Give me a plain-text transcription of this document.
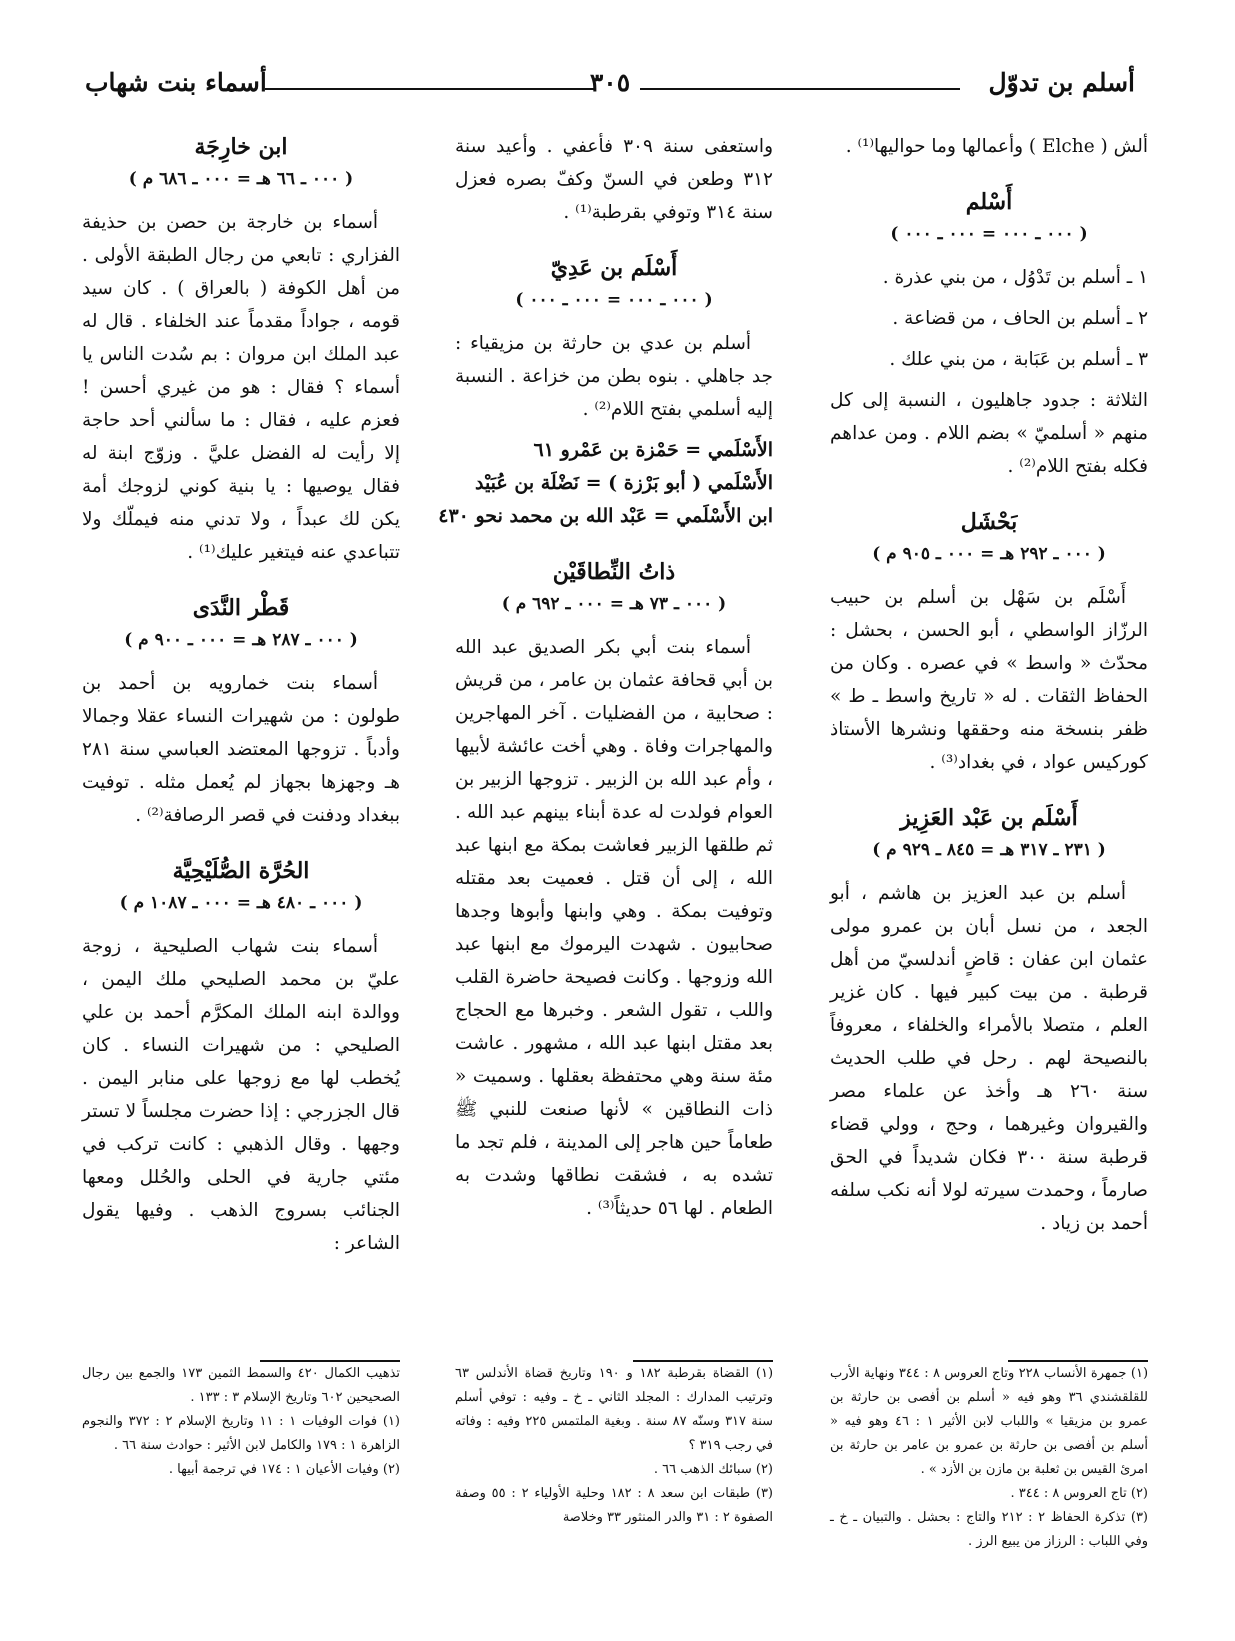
أسلم بن تدوّل
٣٠٥
أسماء بنت شهاب

ألش ( Elche ) وأعمالها وما حواليها⁽¹⁾ .

أَسْلم
( ٠٠٠ ـ ٠٠٠ = ٠٠٠ ـ ٠٠٠ )

١ ـ أسلم بن تَدْوُل ، من بني عذرة .

٢ ـ أسلم بن الحاف ، من قضاعة .

٣ ـ أسلم بن عَبَابة ، من بني علك .

الثلاثة : جدود جاهليون ، النسبة إلى كل منهم « أسلميّ » بضم اللام . ومن عداهم فكله بفتح اللام⁽²⁾ .

بَحْشَل
( ٠٠٠ ـ ٢٩٢ هـ = ٠٠٠ ـ ٩٠٥ م )

أَسْلَم بن سَهْل بن أسلم بن حبيب الرزّاز الواسطي ، أبو الحسن ، بحشل : محدّث « واسط » في عصره . وكان من الحفاظ الثقات . له « تاريخ واسط ـ ط » ظفر بنسخة منه وحققها ونشرها الأستاذ كوركيس عواد ، في بغداد⁽³⁾ .

أَسْلَم بن عَبْد العَزِيز
( ٢٣١ ـ ٣١٧ هـ = ٨٤٥ ـ ٩٢٩ م )

أسلم بن عبد العزيز بن هاشم ، أبو الجعد ، من نسل أبان بن عمرو مولى عثمان ابن عفان : قاضٍ أندلسيّ من أهل قرطبة . من بيت كبير فيها . كان غزير العلم ، متصلا بالأمراء والخلفاء ، معروفاً بالنصيحة لهم . رحل في طلب الحديث سنة ٢٦٠ هـ وأخذ عن علماء مصر والقيروان وغيرهما ، وحج ، وولي قضاء قرطبة سنة ٣٠٠ فكان شديداً في الحق صارماً ، وحمدت سيرته لولا أنه نكب سلفه أحمد بن زياد .

(١) جمهرة الأنساب ٢٢٨ وتاج العروس ٨ : ٣٤٤ ونهاية الأرب للقلقشندي ٣٦ وهو فيه « أسلم بن أفصى بن حارثة بن عمرو بن مزيقيا » واللباب لابن الأثير ١ : ٤٦ وهو فيه « أسلم بن أفصى بن حارثة بن عمرو بن عامر بن حارثة بن امرئ القيس بن ثعلبة بن مازن بن الأزد » .
(٢) تاج العروس ٨ : ٣٤٤ .
(٣) تذكرة الحفاظ ٢ : ٢١٢ والتاج : بحشل . والتبيان ـ خ ـ وفي اللباب : الرزاز من يبيع الرز .

واستعفى سنة ٣٠٩ فأعفي . وأعيد سنة ٣١٢ وطعن في السنّ وكفّ بصره فعزل سنة ٣١٤ وتوفي بقرطبة⁽¹⁾ .

أَسْلَم بن عَدِيّ
( ٠٠٠ ـ ٠٠٠ = ٠٠٠ ـ ٠٠٠ )

أسلم بن عدي بن حارثة بن مزيقياء : جد جاهلي . بنوه بطن من خزاعة . النسبة إليه أسلمي بفتح اللام⁽²⁾ .

الأَسْلَمي = حَمْزة بن عَمْرو ٦١
الأَسْلَمي ( أبو بَرْزة ) = نَضْلَة بن عُبَيْد
ابن الأَسْلَمي = عَبْد الله بن محمد نحو ٤٣٠
ذاتُ النِّطاقَيْن
( ٠٠٠ ـ ٧٣ هـ = ٠٠٠ ـ ٦٩٢ م )

أسماء بنت أبي بكر الصديق عبد الله بن أبي قحافة عثمان بن عامر ، من قريش : صحابية ، من الفضليات . آخر المهاجرين والمهاجرات وفاة . وهي أخت عائشة لأبيها ، وأم عبد الله بن الزبير . تزوجها الزبير بن العوام فولدت له عدة أبناء بينهم عبد الله . ثم طلقها الزبير فعاشت بمكة مع ابنها عبد الله ، إلى أن قتل . فعميت بعد مقتله وتوفيت بمكة . وهي وابنها وأبوها وجدها صحابيون . شهدت اليرموك مع ابنها عبد الله وزوجها . وكانت فصيحة حاضرة القلب واللب ، تقول الشعر . وخبرها مع الحجاج بعد مقتل ابنها عبد الله ، مشهور . عاشت مئة سنة وهي محتفظة بعقلها . وسميت « ذات النطاقين » لأنها صنعت للنبي ﷺ طعاماً حين هاجر إلى المدينة ، فلم تجد ما تشده به ، فشقت نطاقها وشدت به الطعام . لها ٥٦ حديثاً⁽³⁾ .

(١) القضاة بقرطبة ١٨٢ و ١٩٠ وتاريخ قضاة الأندلس ٦٣ وترتيب المدارك : المجلد الثاني ـ خ ـ وفيه : توفي أسلم سنة ٣١٧ وسنّه ٨٧ سنة . وبغية الملتمس ٢٢٥ وفيه : وفاته في رجب ٣١٩ ؟
(٢) سبائك الذهب ٦٦ .
(٣) طبقات ابن سعد ٨ : ١٨٢ وحلية الأولياء ٢ : ٥٥ وصفة الصفوة ٢ : ٣١ والدر المنثور ٣٣ وخلاصة
ابن خارِجَة
( ٠٠٠ ـ ٦٦ هـ = ٠٠٠ ـ ٦٨٦ م )

أسماء بن خارجة بن حصن بن حذيفة الفزاري : تابعي من رجال الطبقة الأولى . من أهل الكوفة ( بالعراق ) . كان سيد قومه ، جواداً مقدماً عند الخلفاء . قال له عبد الملك ابن مروان : بم سُدت الناس يا أسماء ؟ فقال : هو من غيري أحسن ! فعزم عليه ، فقال : ما سألني أحد حاجة إلا رأيت له الفضل عليَّ . وزوّج ابنة له فقال يوصيها : يا بنية كوني لزوجك أمة يكن لك عبداً ، ولا تدني منه فيملّك ولا تتباعدي عنه فيتغير عليك⁽¹⁾ .

قَطْر النَّدَى
( ٠٠٠ ـ ٢٨٧ هـ = ٠٠٠ ـ ٩٠٠ م )

أسماء بنت خمارويه بن أحمد بن طولون : من شهيرات النساء عقلا وجمالا وأدباً . تزوجها المعتضد العباسي سنة ٢٨١ هـ وجهزها بجهاز لم يُعمل مثله . توفيت ببغداد ودفنت في قصر الرصافة⁽²⁾ .

الحُرَّة الصُّلَيْحِيَّة
( ٠٠٠ ـ ٤٨٠ هـ = ٠٠٠ ـ ١٠٨٧ م )

أسماء بنت شهاب الصليحية ، زوجة عليّ بن محمد الصليحي ملك اليمن ، ووالدة ابنه الملك المكرَّم أحمد بن علي الصليحي : من شهيرات النساء . كان يُخطب لها مع زوجها على منابر اليمن . قال الجزرجي : إذا حضرت مجلساً لا تستر وجهها . وقال الذهبي : كانت تركب في مئتي جارية في الحلى والحُلل ومعها الجنائب بسروج الذهب . وفيها يقول الشاعر :

تذهيب الكمال ٤٢٠ والسمط الثمين ١٧٣ والجمع بين رجال الصحيحين ٦٠٢ وتاريخ الإسلام ٣ : ١٣٣ .
(١) فوات الوفيات ١ : ١١ وتاريخ الإسلام ٢ : ٣٧٢ والنجوم الزاهرة ١ : ١٧٩ والكامل لابن الأثير : حوادث سنة ٦٦ .
(٢) وفيات الأعيان ١ : ١٧٤ في ترجمة أبيها .
